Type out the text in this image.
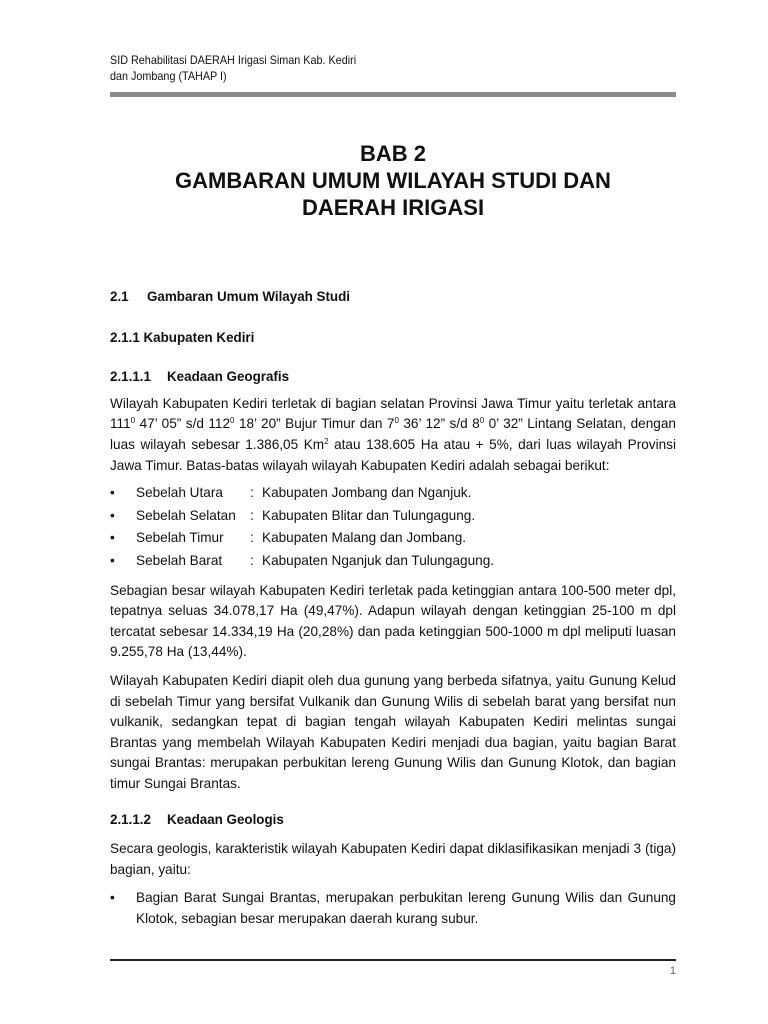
SID Rehabilitasi DAERAH Irigasi Siman Kab. Kediri
dan Jombang (TAHAP I)
BAB 2
GAMBARAN UMUM WILAYAH STUDI DAN
DAERAH IRIGASI
2.1 Gambaran Umum Wilayah Studi
2.1.1 Kabupaten Kediri
2.1.1.1 Keadaan Geografis

Wilayah Kabupaten Kediri terletak di bagian selatan Provinsi Jawa Timur yaitu terletak antara $111^0$ 47’ 05” s/d $112^0$ 18’ 20” Bujur Timur dan $7^0$ 36’ 12” s/d $8^0$ 0’ 32” Lintang Selatan, dengan luas wilayah sebesar 1.386,05 Km$^2$ atau 138.605 Ha atau + 5%, dari luas wilayah Provinsi Jawa Timur. Batas-batas wilayah wilayah Kabupaten Kediri adalah sebagai berikut:

• Sebelah Utara	: Kabupaten Jombang dan Nganjuk.
• Sebelah Selatan	: Kabupaten Blitar dan Tulungagung.
• Sebelah Timur	: Kabupaten Malang dan Jombang.
• Sebelah Barat	: Kabupaten Nganjuk dan Tulungagung.

Sebagian besar wilayah Kabupaten Kediri terletak pada ketinggian antara 100-500 meter dpl, tepatnya seluas 34.078,17 Ha (49,47%). Adapun wilayah dengan ketinggian 25-100 m dpl tercatat sebesar 14.334,19 Ha (20,28%) dan pada ketinggian 500-1000 m dpl meliputi luasan 9.255,78 Ha (13,44%).

Wilayah Kabupaten Kediri diapit oleh dua gunung yang berbeda sifatnya, yaitu Gunung Kelud di sebelah Timur yang bersifat Vulkanik dan Gunung Wilis di sebelah barat yang bersifat nun vulkanik, sedangkan tepat di bagian tengah wilayah Kabupaten Kediri melintas sungai Brantas yang membelah Wilayah Kabupaten Kediri menjadi dua bagian, yaitu bagian Barat sungai Brantas: merupakan perbukitan lereng Gunung Wilis dan Gunung Klotok, dan bagian timur Sungai Brantas.

2.1.1.2 Keadaan Geologis

Secara geologis, karakteristik wilayah Kabupaten Kediri dapat diklasifikasikan menjadi 3 (tiga) bagian, yaitu:

• Bagian Barat Sungai Brantas, merupakan perbukitan lereng Gunung Wilis dan Gunung Klotok, sebagian besar merupakan daerah kurang subur.
1
